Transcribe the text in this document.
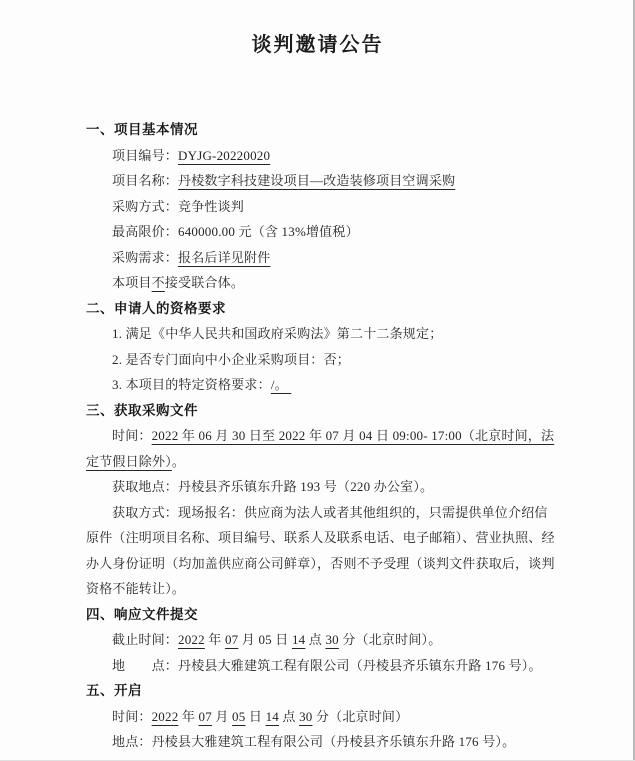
谈判邀请公告
一、项目基本情况

项目编号：DYJG-20220020

项目名称：丹棱数字科技建设项目—改造装修项目空调采购

采购方式：竞争性谈判

最高限价：640000.00 元（含 13%增值税）

采购需求：报名后详见附件

本项目不接受联合体。

二、申请人的资格要求

1. 满足《中华人民共和国政府采购法》第二十二条规定；

2. 是否专门面向中小企业采购项目：否；

3. 本项目的特定资格要求：/。

三、获取采购文件

时间：2022 年 06 月 30 日至 2022 年 07 月 04 日 09:00- 17:00（北京时间，法定节假日除外）。

获取地点：丹棱县齐乐镇东升路 193 号（220 办公室）。

获取方式：现场报名：供应商为法人或者其他组织的，只需提供单位介绍信原件（注明项目名称、项目编号、联系人及联系电话、电子邮箱）、营业执照、经办人身份证明（均加盖供应商公司鲜章），否则不予受理（谈判文件获取后，谈判资格不能转让）。

四、响应文件提交

截止时间：2022 年 07 月 05 日 14 点 30 分（北京时间）。

地　　点：丹棱县大雅建筑工程有限公司（丹棱县齐乐镇东升路 176 号）。

五、开启

时间：2022 年 07 月 05 日 14 点 30 分（北京时间）

地点：丹棱县大雅建筑工程有限公司（丹棱县齐乐镇东升路 176 号）。
